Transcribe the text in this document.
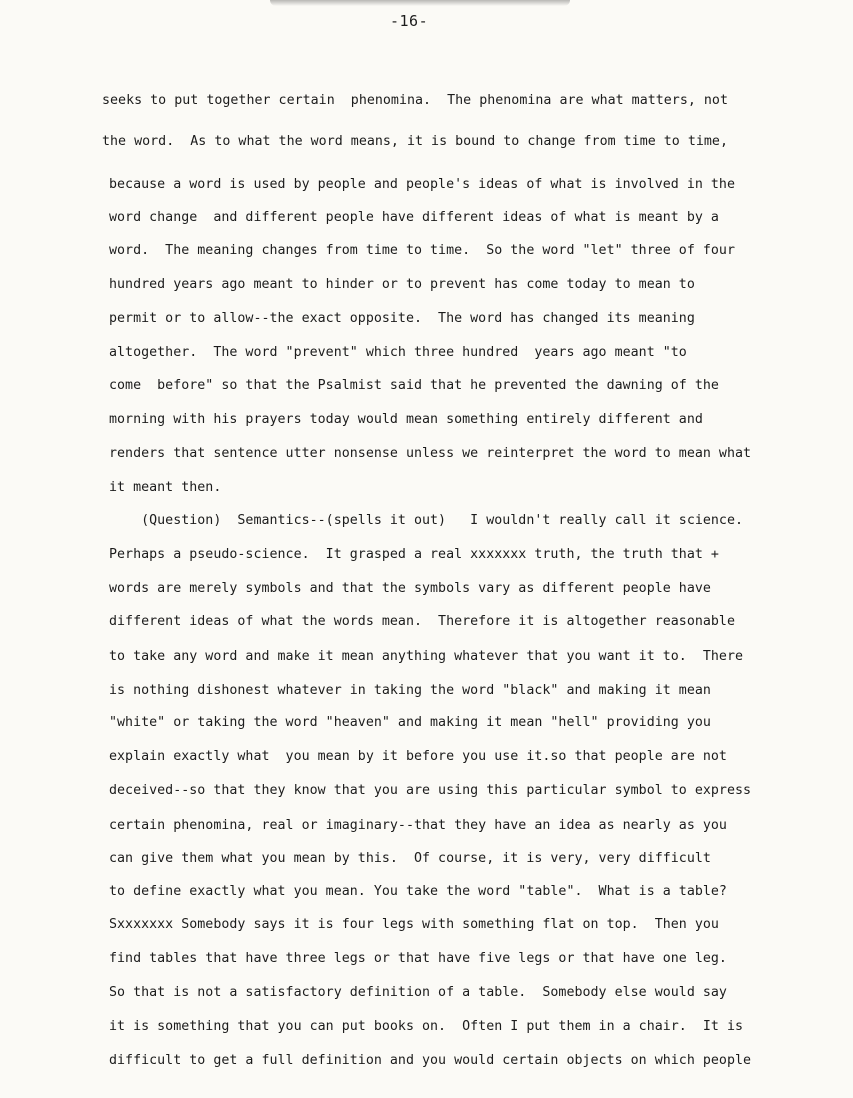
-16-
seeks to put together certain  phenomina.  The phenomina are what matters, not
the word.  As to what the word means, it is bound to change from time to time,
because a word is used by people and people's ideas of what is involved in the
word change  and different people have different ideas of what is meant by a
word.  The meaning changes from time to time.  So the word "let" three of four
hundred years ago meant to hinder or to prevent has come today to mean to
permit or to allow--the exact opposite.  The word has changed its meaning
altogether.  The word "prevent" which three hundred  years ago meant "to
come  before" so that the Psalmist said that he prevented the dawning of the
morning with his prayers today would mean something entirely different and
renders that sentence utter nonsense unless we reinterpret the word to mean what
it meant then.
(Question)  Semantics--(spells it out)   I wouldn't really call it science.
Perhaps a pseudo-science.  It grasped a real xxxxxxx truth, the truth that +
words are merely symbols and that the symbols vary as different people have
different ideas of what the words mean.  Therefore it is altogether reasonable
to take any word and make it mean anything whatever that you want it to.  There
is nothing dishonest whatever in taking the word "black" and making it mean
"white" or taking the word "heaven" and making it mean "hell" providing you
explain exactly what  you mean by it before you use it.so that people are not
deceived--so that they know that you are using this particular symbol to express
certain phenomina, real or imaginary--that they have an idea as nearly as you
can give them what you mean by this.  Of course, it is very, very difficult
to define exactly what you mean. You take the word "table".  What is a table?
Sxxxxxxx Somebody says it is four legs with something flat on top.  Then you
find tables that have three legs or that have five legs or that have one leg.
So that is not a satisfactory definition of a table.  Somebody else would say
it is something that you can put books on.  Often I put them in a chair.  It is
difficult to get a full definition and you would certain objects on which people
